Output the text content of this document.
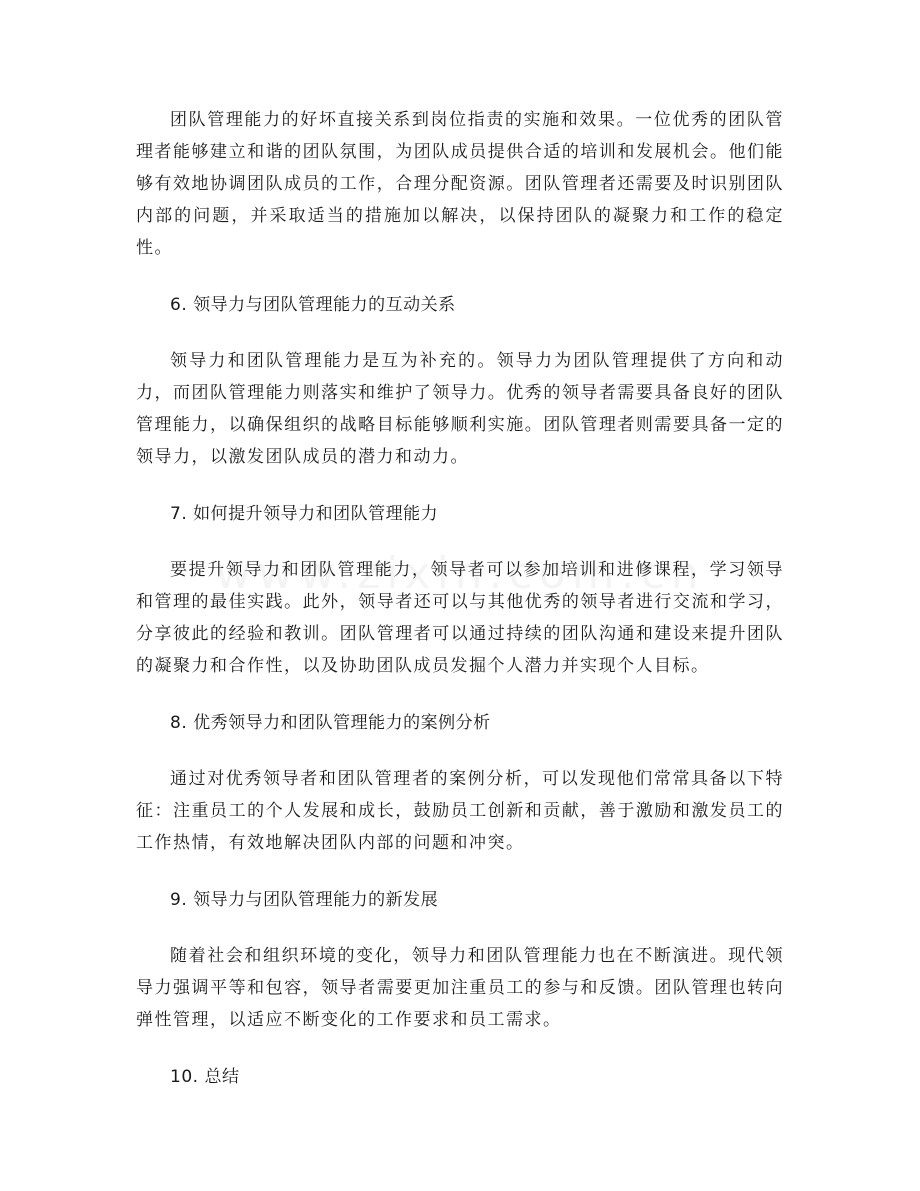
团队管理能力的好坏直接关系到岗位指责的实施和效果。一位优秀的团队管理者能够建立和谐的团队氛围，为团队成员提供合适的培训和发展机会。他们能够有效地协调团队成员的工作，合理分配资源。团队管理者还需要及时识别团队内部的问题，并采取适当的措施加以解决，以保持团队的凝聚力和工作的稳定性。

6. 领导力与团队管理能力的互动关系

领导力和团队管理能力是互为补充的。领导力为团队管理提供了方向和动力，而团队管理能力则落实和维护了领导力。优秀的领导者需要具备良好的团队管理能力，以确保组织的战略目标能够顺利实施。团队管理者则需要具备一定的领导力，以激发团队成员的潜力和动力。

7. 如何提升领导力和团队管理能力

要提升领导力和团队管理能力，领导者可以参加培训和进修课程，学习领导和管理的最佳实践。此外，领导者还可以与其他优秀的领导者进行交流和学习，分享彼此的经验和教训。团队管理者可以通过持续的团队沟通和建设来提升团队的凝聚力和合作性，以及协助团队成员发掘个人潜力并实现个人目标。

8. 优秀领导力和团队管理能力的案例分析

通过对优秀领导者和团队管理者的案例分析，可以发现他们常常具备以下特征：注重员工的个人发展和成长，鼓励员工创新和贡献，善于激励和激发员工的工作热情，有效地解决团队内部的问题和冲突。

9. 领导力与团队管理能力的新发展

随着社会和组织环境的变化，领导力和团队管理能力也在不断演进。现代领导力强调平等和包容，领导者需要更加注重员工的参与和反馈。团队管理也转向弹性管理，以适应不断变化的工作要求和员工需求。

10. 总结
